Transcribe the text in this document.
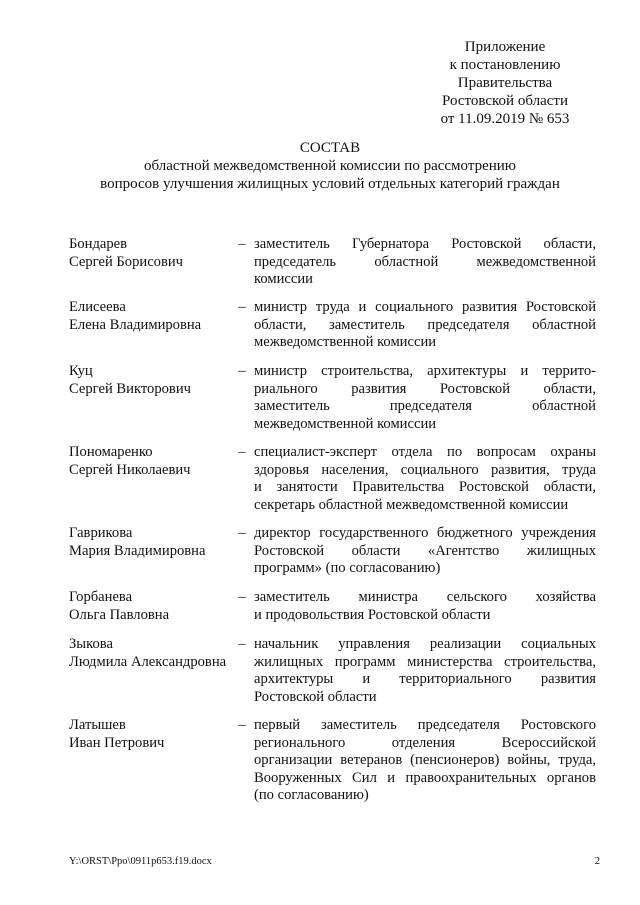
Приложение
к постановлению
Правительства
Ростовской области
от 11.09.2019 № 653
СОСТАВ
областной межведомственной комиссии по рассмотрению
вопросов улучшения жилищных условий отдельных категорий граждан
Бондарев
Сергей Борисович
– заместитель Губернатора Ростовской области,
председатель областной межведомственной
комиссии
Елисеева
Елена Владимировна
– министр труда и социального развития Ростовской
области, заместитель председателя областной
межведомственной комиссии
Куц
Сергей Викторович
– министр строительства, архитектуры и террито-
риального развития Ростовской области,
заместитель председателя областной
межведомственной комиссии
Пономаренко
Сергей Николаевич
– специалист-эксперт отдела по вопросам охраны
здоровья населения, социального развития, труда
и занятости Правительства Ростовской области,
секретарь областной межведомственной комиссии
Гаврикова
Мария Владимировна
– директор государственного бюджетного учреждения
Ростовской области «Агентство жилищных
программ» (по согласованию)
Горбанева
Ольга Павловна
– заместитель министра сельского хозяйства
и продовольствия Ростовской области
Зыкова
Людмила Александровна
– начальник управления реализации социальных
жилищных программ министерства строительства,
архитектуры и территориального развития
Ростовской области
Латышев
Иван Петрович
– первый заместитель председателя Ростовского
регионального отделения Всероссийской
организации ветеранов (пенсионеров) войны, труда,
Вооруженных Сил и правоохранительных органов
(по согласованию)
Y:\ORST\Ppo\0911p653.f19.docx	2
